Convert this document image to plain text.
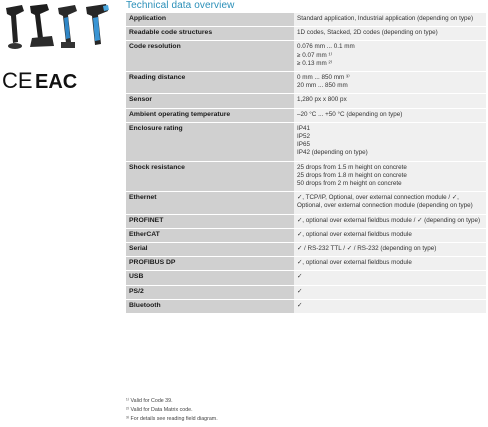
CE EAC
Technical data overview
Application	Standard application, Industrial application (depending on type)

Readable code structures	1D codes, Stacked, 2D codes (depending on type)

Code resolution	0.076 mm ... 0.1 mm
≥ 0.07 mm ¹⁾
≥ 0.13 mm ²⁾

Reading distance	0 mm ... 850 mm ³⁾
20 mm ... 850 mm

Sensor	1,280 px x 800 px

Ambient operating temperature	–20 °C ... +50 °C (depending on type)

Enclosure rating	IP41
IP52
IP65
IP42 (depending on type)

Shock resistance	25 drops from 1.5 m height on concrete
25 drops from 1.8 m height on concrete
50 drops from 2 m height on concrete

Ethernet	✓, TCP/IP, Optional, over external connection module / ✓, Optional, over external connection module (depending on type)

PROFINET	✓, optional over external fieldbus module / ✓ (depending on type)

EtherCAT	✓, optional over external fieldbus module

Serial	✓ / RS-232 TTL / ✓ / RS-232 (depending on type)

PROFIBUS DP	✓, optional over external fieldbus module

USB	✓

PS/2	✓

Bluetooth	✓
¹⁾ Valid for Code 39.
²⁾ Valid for Data Matrix code.
³⁾ For details see reading field diagram.
